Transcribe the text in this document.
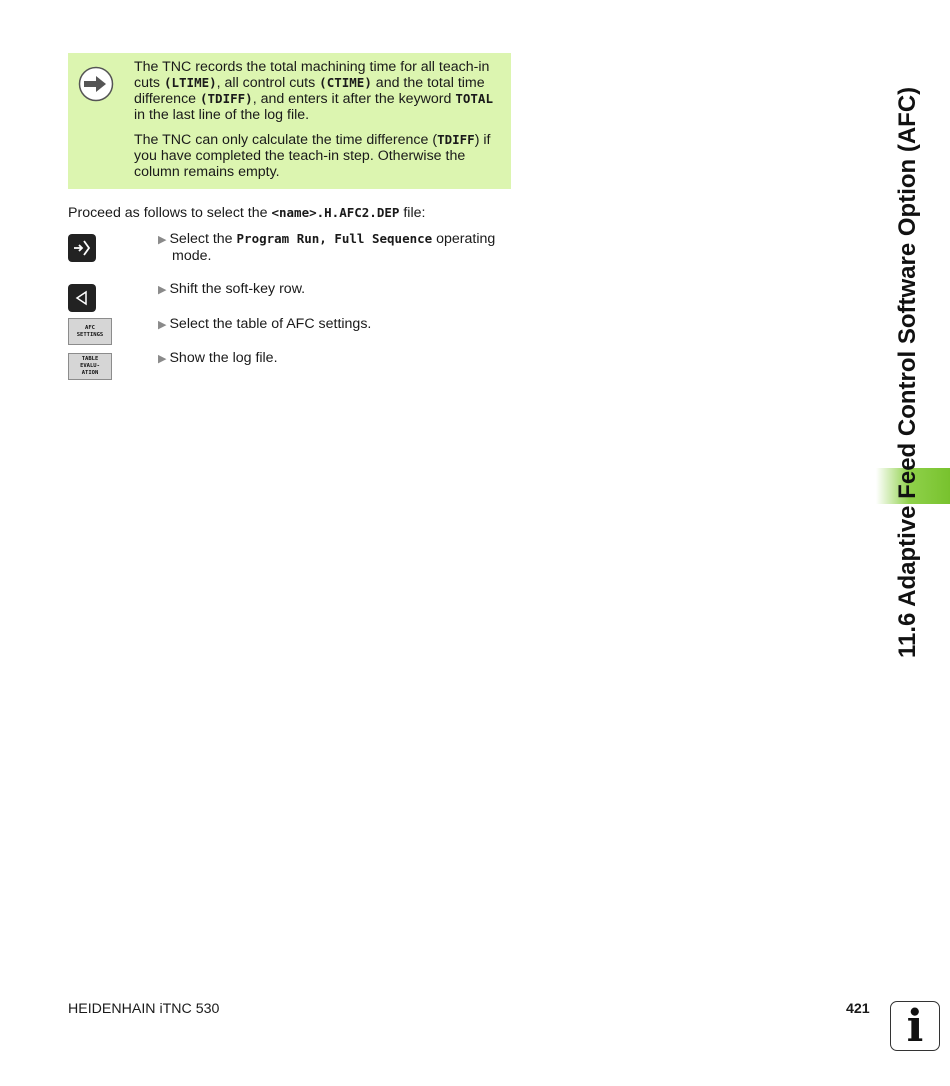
The TNC records the total machining time for all teach-in cuts (LTIME), all control cuts (CTIME) and the total time difference (TDIFF), and enters it after the keyword TOTAL in the last line of the log file.

The TNC can only calculate the time difference (TDIFF) if you have completed the teach-in step. Otherwise the column remains empty.

Proceed as follows to select the <name>.H.AFC2.DEP file:
▶ Select the Program Run, Full Sequence operating
mode.
▶ Shift the soft-key row.
AFC
SETTINGS
▶ Select the table of AFC settings.
TABLE
EVALU-
ATION
▶ Show the log file.	11.6 Adaptive Feed Control Software Option (AFC)
HEIDENHAIN iTNC 530	421 i
